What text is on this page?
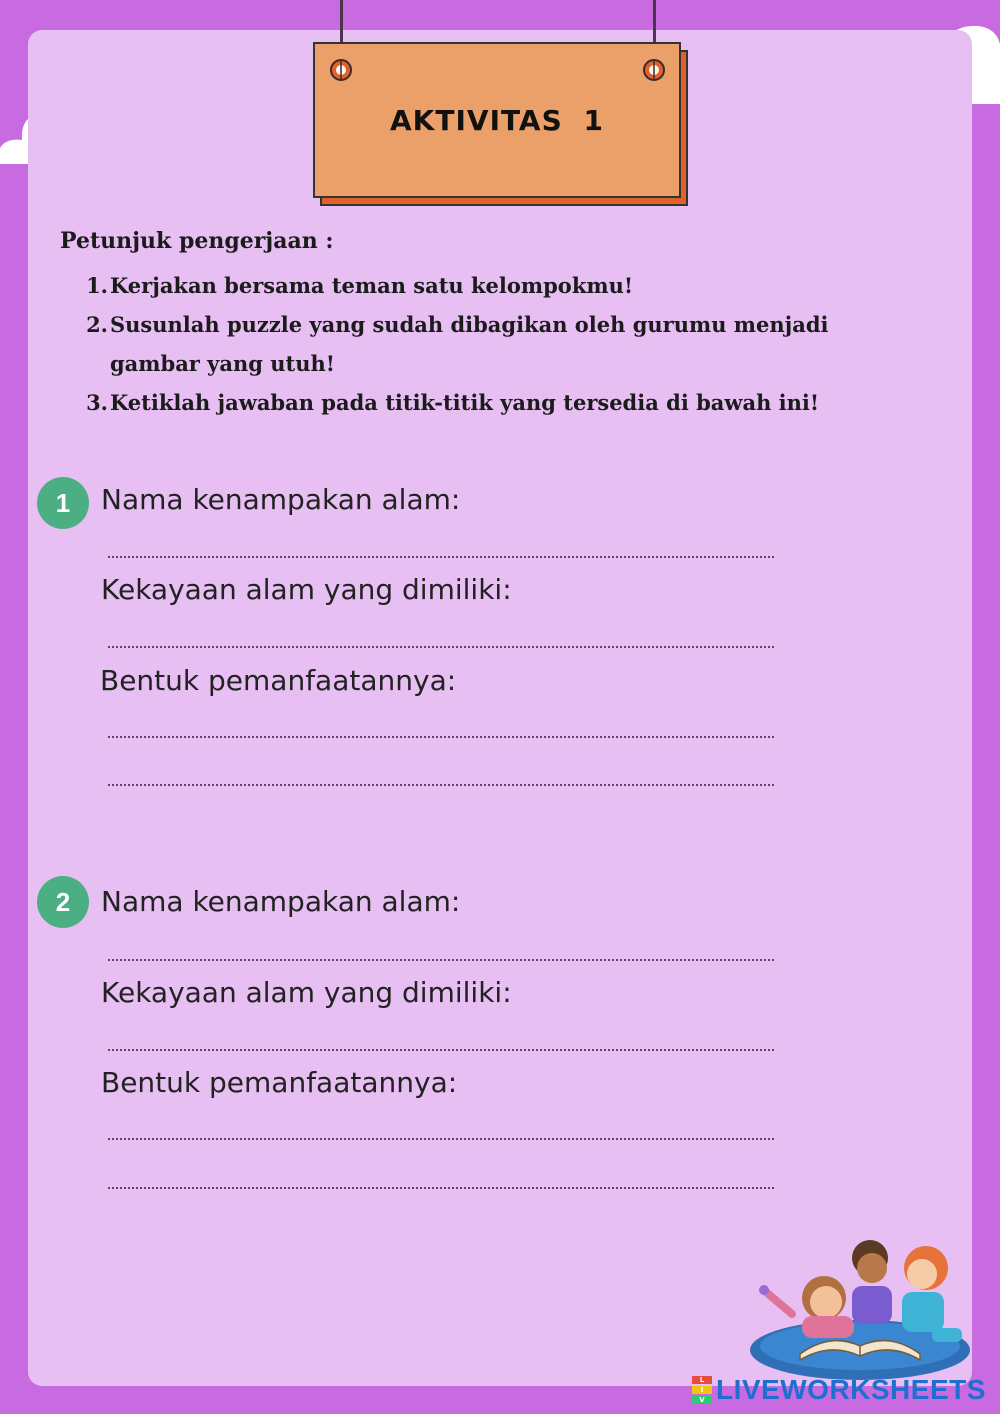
AKTIVITAS 1
Petunjuk pengerjaan :
1. Kerjakan bersama teman satu kelompokmu!
2. Susunlah puzzle yang sudah dibagikan oleh gurumu menjadi gambar yang utuh!
3. Ketiklah jawaban pada titik-titik yang tersedia di bawah ini!
1	Nama kenampakan alam:
Kekayaan alam yang dimiliki:
Bentuk pemanfaatannya:
2	Nama kenampakan alam:
Kekayaan alam yang dimiliki:
Bentuk pemanfaatannya:
L
I
V LIVEWORKSHEETS
